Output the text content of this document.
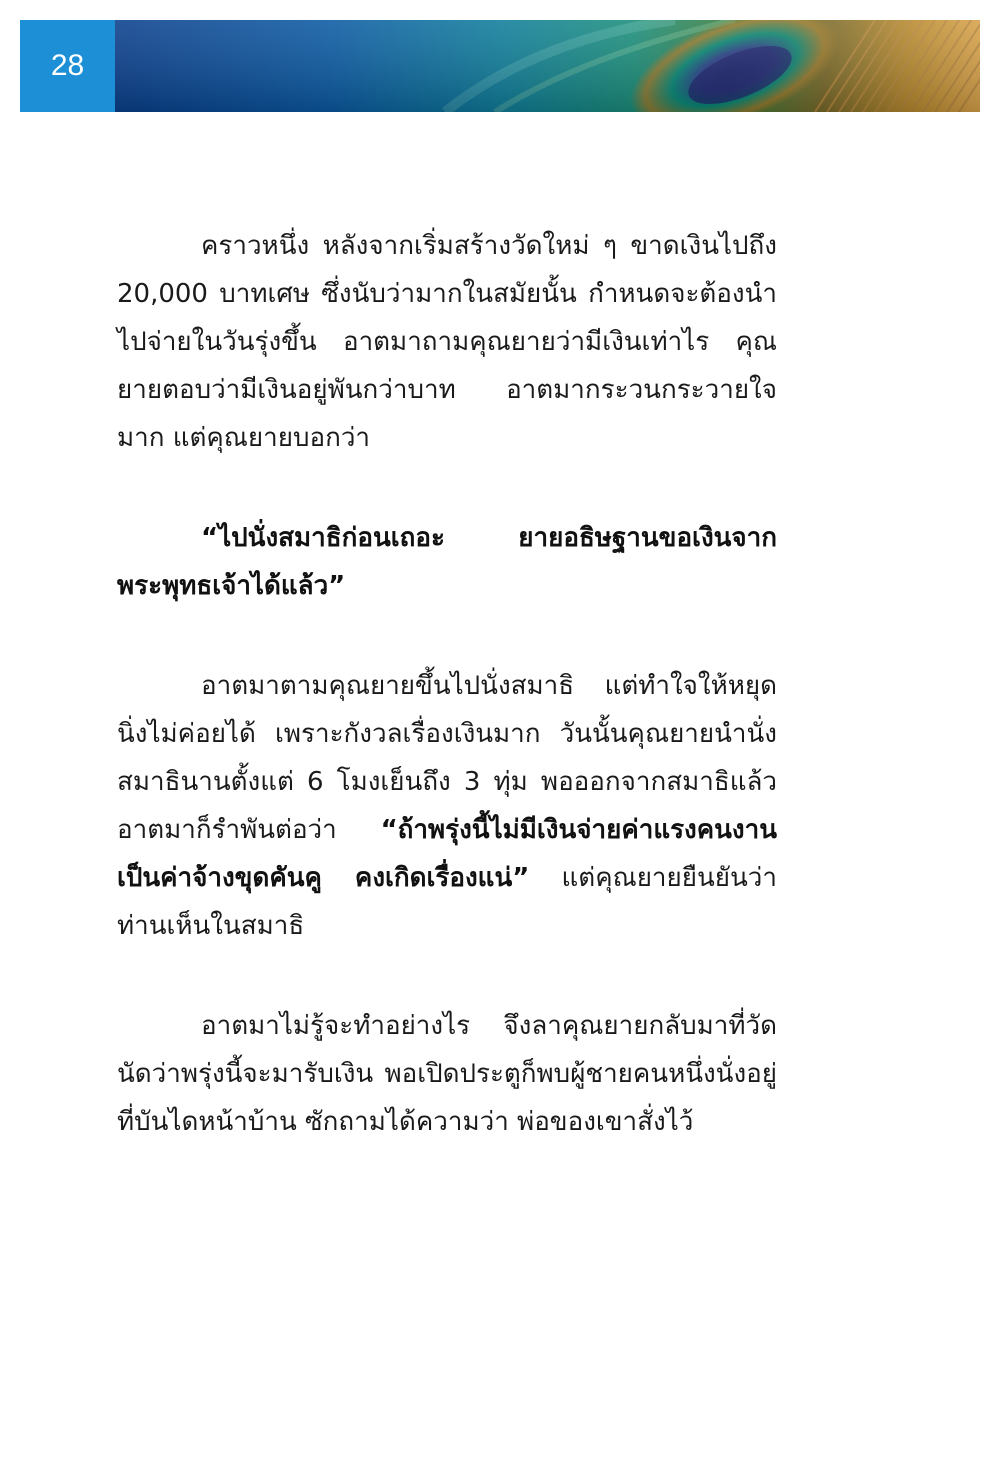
28

คราวหนึ่ง หลังจากเริ่มสร้างวัดใหม่ ๆ ขาดเงินไปถึง 20,000 บาทเศษ ซึ่งนับว่ามากในสมัยนั้น กำหนดจะต้องนำไปจ่ายในวันรุ่งขึ้น อาตมาถามคุณยายว่ามีเงินเท่าไร คุณยายตอบว่ามีเงินอยู่พันกว่าบาท อาตมากระวนกระวายใจมาก แต่คุณยายบอกว่า

“ไปนั่งสมาธิก่อนเถอะ ยายอธิษฐานขอเงินจากพระพุทธเจ้าได้แล้ว”

อาตมาตามคุณยายขึ้นไปนั่งสมาธิ แต่ทำใจให้หยุดนิ่งไม่ค่อยได้ เพราะกังวลเรื่องเงินมาก วันนั้นคุณยายนำนั่งสมาธินานตั้งแต่ 6 โมงเย็นถึง 3 ทุ่ม พอออกจากสมาธิแล้ว อาตมาก็รำพันต่อว่า “ถ้าพรุ่งนี้ไม่มีเงินจ่ายค่าแรงคนงานเป็นค่าจ้างขุดคันคู คงเกิดเรื่องแน่” แต่คุณยายยืนยันว่า ท่านเห็นในสมาธิ

อาตมาไม่รู้จะทำอย่างไร จึงลาคุณยายกลับมาที่วัด นัดว่าพรุ่งนี้จะมารับเงิน พอเปิดประตูก็พบผู้ชายคนหนึ่งนั่งอยู่ที่บันไดหน้าบ้าน ซักถามได้ความว่า พ่อของเขาสั่งไว้
